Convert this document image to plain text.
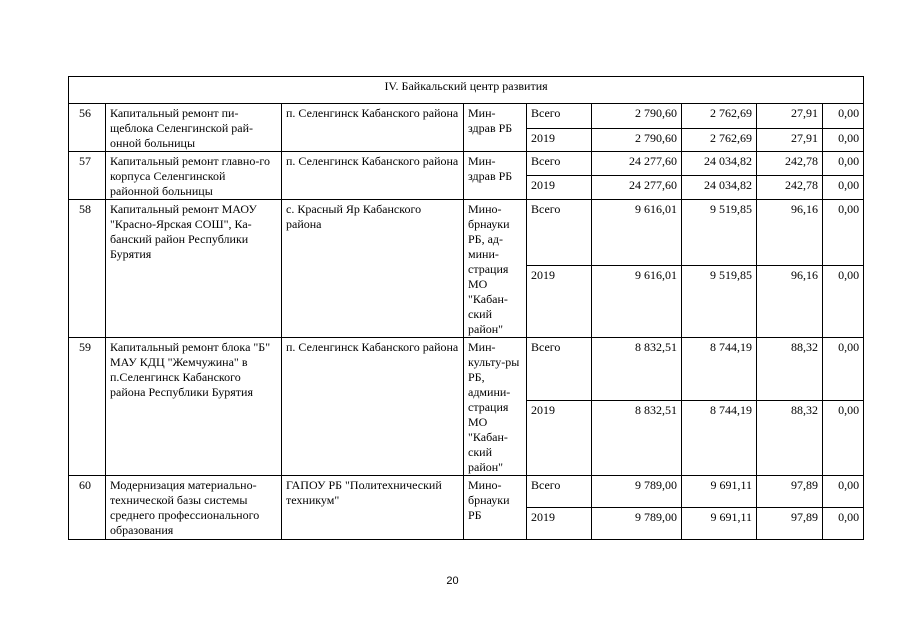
IV. Байкальский центр развития								
56	Капитальный ремонт пи-щеблока Селенгинской рай-онной больницы	п. Селенгинск Кабанского района	Мин-здрав РБ	Всего	2 790,60	2 762,69	27,91	0,00
				2019	2 790,60	2 762,69	27,91	0,00
57	Капитальный ремонт главно-го корпуса Селенгинской районной больницы	п. Селенгинск Кабанского района	Мин-здрав РБ	Всего	24 277,60	24 034,82	242,78	0,00
				2019	24 277,60	24 034,82	242,78	0,00
58	Капитальный ремонт МАОУ "Красно-Ярская СОШ", Ка-банский район Республики Бурятия	с. Красный Яр Кабанского района	Мино-брнауки РБ, ад-мини-страция МО "Кабан-ский район"	Всего	9 616,01	9 519,85	96,16	0,00
				2019	9 616,01	9 519,85	96,16	0,00
59	Капитальный ремонт блока "Б" МАУ КДЦ "Жемчужина" в п.Селенгинск Кабанского района Республики Бурятия	п. Селенгинск Кабанского района	Мин-культу-ры РБ, админи-страция МО "Кабан-ский район"	Всего	8 832,51	8 744,19	88,32	0,00
				2019	8 832,51	8 744,19	88,32	0,00
60	Модернизация материально-технической базы системы среднего профессионального образования	ГАПОУ РБ "Политехнический техникум"	Мино-брнауки РБ	Всего	9 789,00	9 691,11	97,89	0,00
				2019	9 789,00	9 691,11	97,89	0,00
20
